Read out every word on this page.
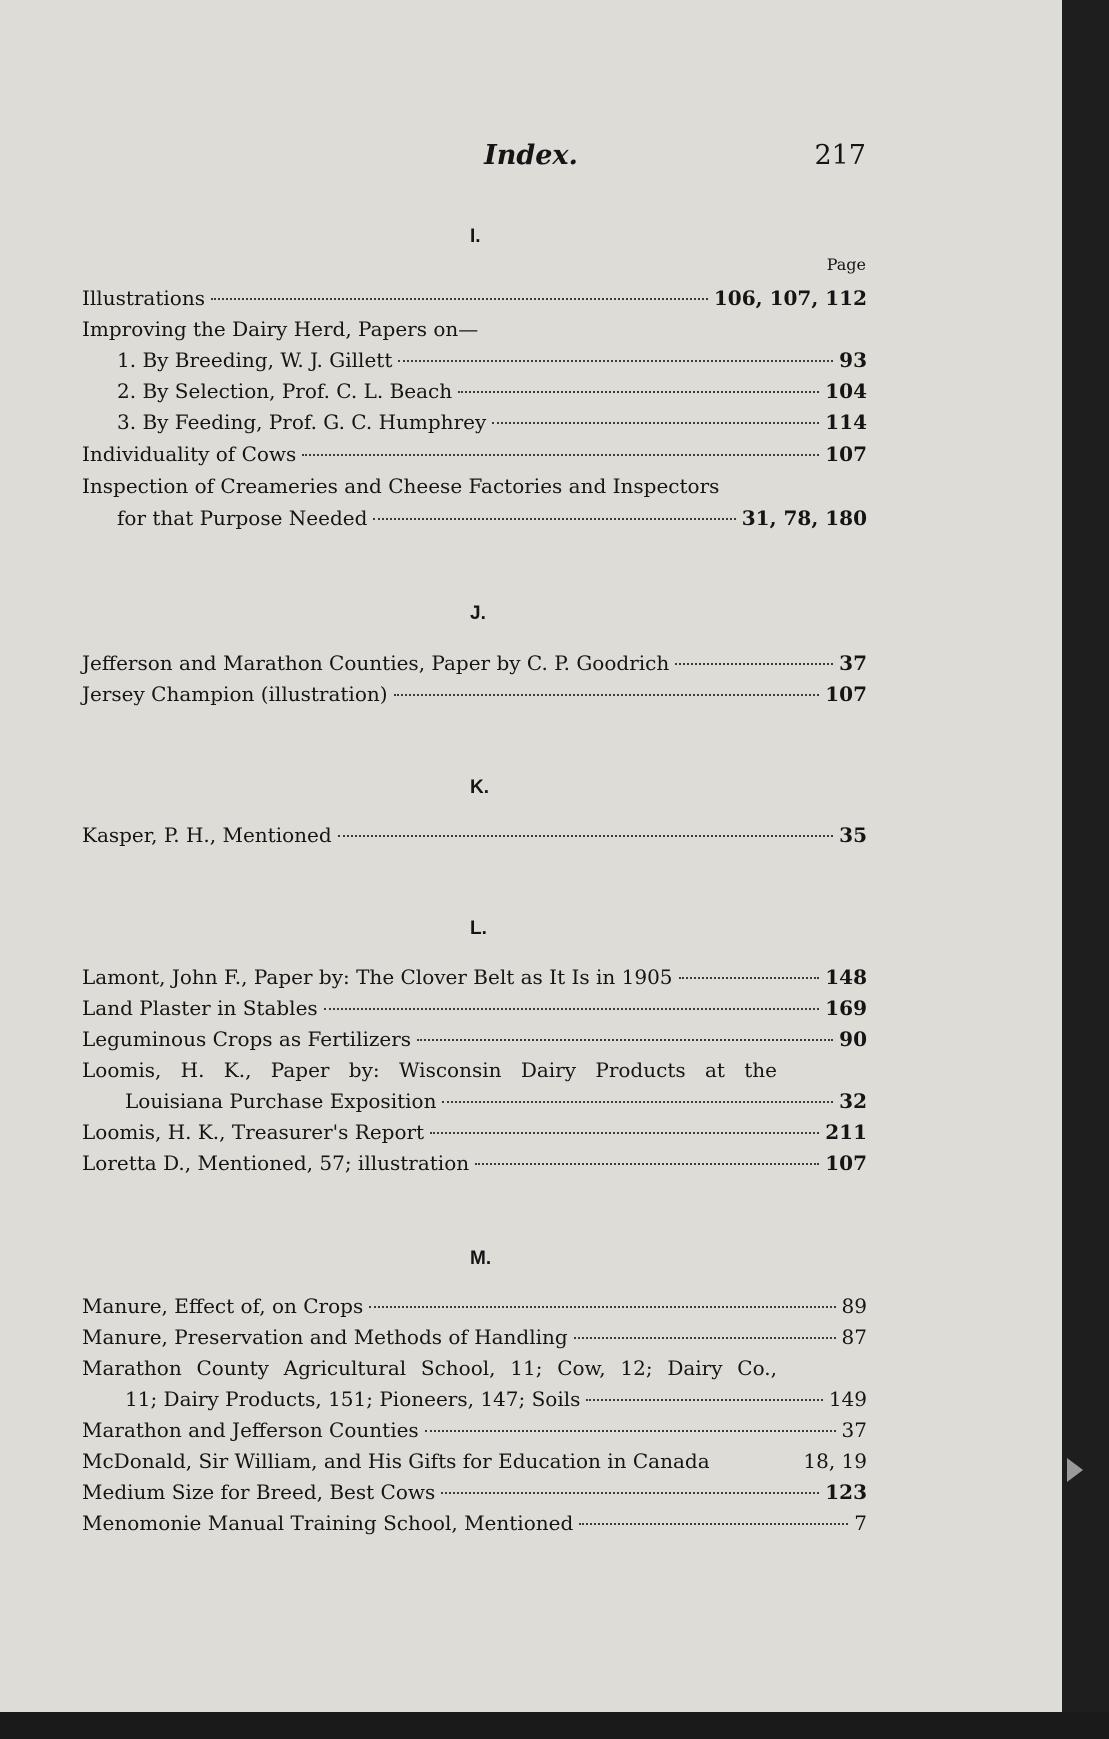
Index.	217
I.
Page
Illustrations	106, 107, 112
Improving the Dairy Herd, Papers on—
1. By Breeding, W. J. Gillett	93
2. By Selection, Prof. C. L. Beach	104
3. By Feeding, Prof. G. C. Humphrey	114
Individuality of Cows	107
Inspection of Creameries and Cheese Factories and Inspectors
for that Purpose Needed	31, 78, 180
J.
Jefferson and Marathon Counties, Paper by C. P. Goodrich	37
Jersey Champion (illustration)	107
K.
Kasper, P. H., Mentioned	35
L.
Lamont, John F., Paper by: The Clover Belt as It Is in 1905	148
Land Plaster in Stables	169
Leguminous Crops as Fertilizers	90
Loomis, H. K., Paper by: Wisconsin Dairy Products at the
Louisiana Purchase Exposition	32
Loomis, H. K., Treasurer's Report	211
Loretta D., Mentioned, 57; illustration	107
M.
Manure, Effect of, on Crops	89
Manure, Preservation and Methods of Handling	87
Marathon County Agricultural School, 11; Cow, 12; Dairy Co.,
11; Dairy Products, 151; Pioneers, 147; Soils	149
Marathon and Jefferson Counties	37
McDonald, Sir William, and His Gifts for Education in Canada	18, 19
Medium Size for Breed, Best Cows	123
Menomonie Manual Training School, Mentioned	7
